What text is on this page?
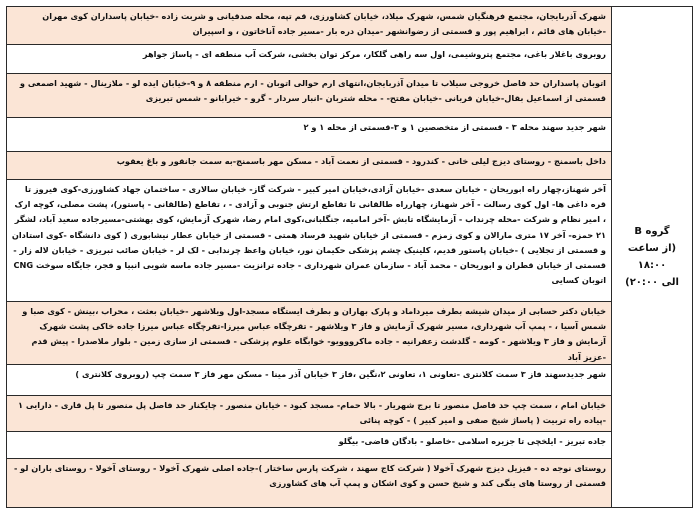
شهرک آذربایجان، مجتمع فرهنگیان شمس، شهرک میلاد، خیابان کشاورزی، قم تپه، محله صدقیانی و شربت زاده -خیابان پاسداران کوی مهران -خیابان های قائم ، ابراهیم پور و قسمتی از رضوانشهر -میدان دره بار -مسیر جاده آناخاتون ، و اسپیران
روبروی باغلار باغی، مجتمع پتروشیمی، اول سه راهی گلکار، مرکز توان بخشی، شرکت آب منطقه ای - پاساژ جواهر
اتوبان پاسداران حد فاصل خروجی سیلاب تا میدان آذربایجان،انتهای ارم حوالی اتوبان - ارم منطقه ۸ و ۹-خیابان ایده لو - ملازینال - شهید اصمعی و قسمتی از اسماعیل بقال-خیابان قربانی -خیابان مفتح- - محله شتربان -انبار سردار - گرو - خیرابانو - شمس تبریزی
شهر جدید سهند محله ۳ - قسمتی از متخصصین ۱ و ۳-قسمتی از محله ۱ و ۲
داخل باسمنج - روستای دیزج لیلی خانی - کندرود - قسمتی از نعمت آباد - مسکن مهر باسمنج-به سمت جانقور و باغ یعقوب
آخر شهناز،چهار راه ابوریحان - خیابان سعدی -خیابان آزادی،خیابان امیر کبیر - شرکت گاز- خیابان سالاری - ساختمان جهاد کشاورزی-کوی فیروز تا قره داغی ها- اول کوی رسالت - آخر شهناز، چهارراه طالقانی تا تقاطع ارتش جنوبی و آزادی - ، تقاطع (طالقانی - پاستور)، پشت مصلی، کوچه ارک ، امیر نظام و شرکت -محله چرنداب - آزمایشگاه تابش -آخر امامیه، جنگلبانی،کوی امام رضا، شهرک آزمایش، کوی بهشتی-مسیرجاده سعید آباد، لشگر ۲۱ حمزه- آخر ۱۷ متری مارالان و کوی زمزم - قسمتی از خیابان شهید فرساد همتی - قسمتی از خیابان عطار نیشابوری ( کوی دانشگاه -کوی استادان و قسمتی از تجلایی ) -خیابان پاستور قدیم، کلینیک چشم پزشکی حکیمان نور، خیابان واعظ چرندابی - لک لر - خیابان صائب تبریزی - خیابان لاله زار - قسمتی از خیابان قطران و ابوریحان - محمد آباد - سازمان عمران شهرداری - جاده ترانزیت -مسیر جاده ماسه شویی انبیا و فجر، جایگاه سوخت CNG اتوبان کسایی
خیابان دکتر حسابی از میدان شیشه بطرف میرداماد و پارک بهاران و بطرف ایستگاه مسجد-اول ویلاشهر -خیابان بعثت ، محراب ،بینش - کوی صبا و شمس آسیا ، - پمپ آب شهرداری، مسیر شهرک آزمایش و فاز ۳ ویلاشهر - تقرچگاه عباس میرزا-تقرچگاه عباس میرزا جاده خاکی پشت شهرک آزمایش و فاز ۳ ویلاشهر - کومه - گلدشت زعفرانیه - جاده ماکرووویو- خوابگاه علوم پزشکی - قسمتی از سازی زمین - بلوار ملاصدرا - پیش قدم -عزیز آباد
شهر جدیدسهند فاز ۳ سمت کلانتری -تعاونی ۱، تعاونی ۲،نگین ،فاز ۳ خیابان آذر مینا - مسکن مهر فاز ۳ سمت چپ (روبروی کلانتری )
خیابان امام ، سمت چپ حد فاصل منصور تا برج شهریار - بالا حمام- مسجد کبود - خیابان منصور - چایکنار حد فاصل پل منصور تا پل قاری - دارایی ۱ -پیاده راه تربیت ( پاساژ شیخ صفی و امیر کبیر ) - کوچه پنائی
جاده تبریز - ایلخچی تا جزیره اسلامی -خاصلو - بادگان قاضی- بیگلو
روستای نوجه ده - قیزیل دیزج شهرک آخولا ( شرکت کاج سهند ، شرکت پارس ساختار )-جاده اصلی شهرک آخولا - روستای آخولا - روستای باران لو - قسمتی از روستا های ینگی کند و شیخ حسن و کوی اشکان و پمپ آب های کشاورزی
گروه B
(از ساعت ۱۸:۰۰
الی ۲۰:۰۰)
